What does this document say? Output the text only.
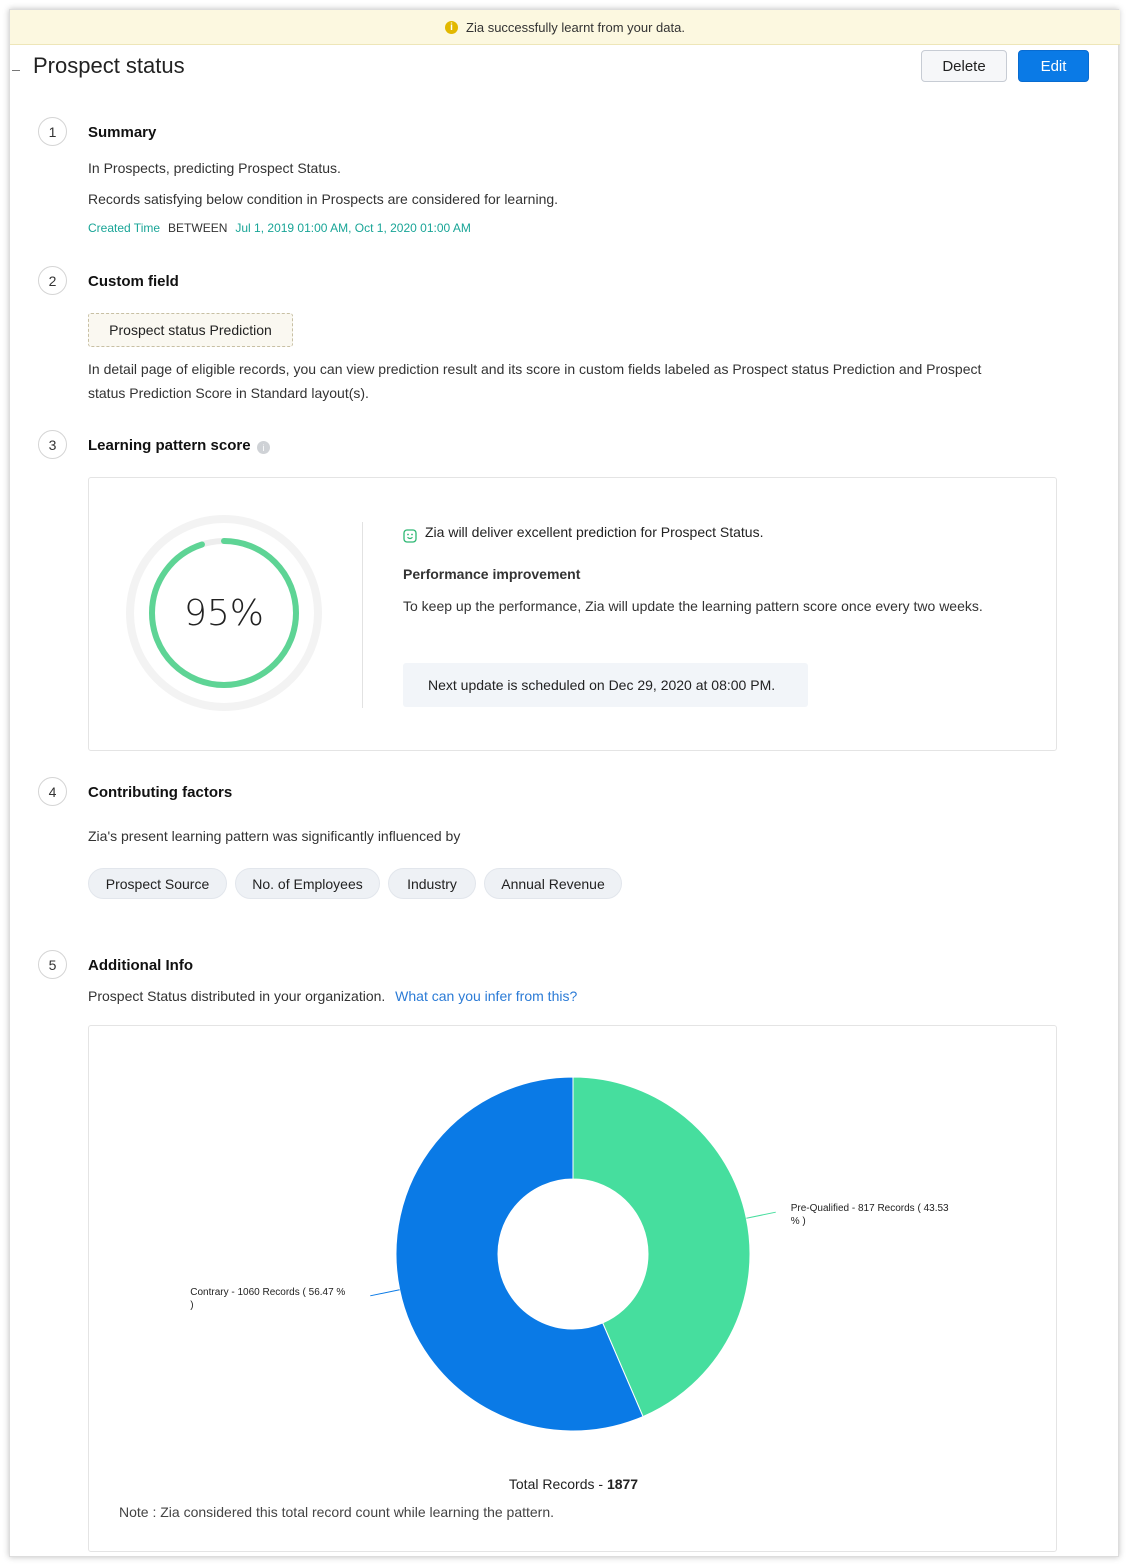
i	Zia successfully learnt from your data.
Prospect status	Delete	Edit
1	Summary
In Prospects, predicting Prospect Status.
Records satisfying below condition in Prospects are considered for learning.
Created Time BETWEEN Jul 1, 2019 01:00 AM, Oct 1, 2020 01:00 AM
2	Custom field
Prospect status Prediction
In detail page of eligible records, you can view prediction result and its score in custom fields labeled as Prospect status Prediction and Prospect
status Prediction Score in Standard layout(s).
3	Learning pattern score	i
95%
Zia will deliver excellent prediction for Prospect Status.
Performance improvement
To keep up the performance, Zia will update the learning pattern score once every two weeks.
Next update is scheduled on Dec 29, 2020 at 08:00 PM.
4	Contributing factors
Zia's present learning pattern was significantly influenced by
Prospect Source	No. of Employees	Industry	Annual Revenue
5	Additional Info
Prospect Status distributed in your organization. What can you infer from this?
Pre-Qualified - 817 Records ( 43.53
% )
Contrary - 1060 Records ( 56.47 %
)
Total Records - 1877
Note : Zia considered this total record count while learning the pattern.
